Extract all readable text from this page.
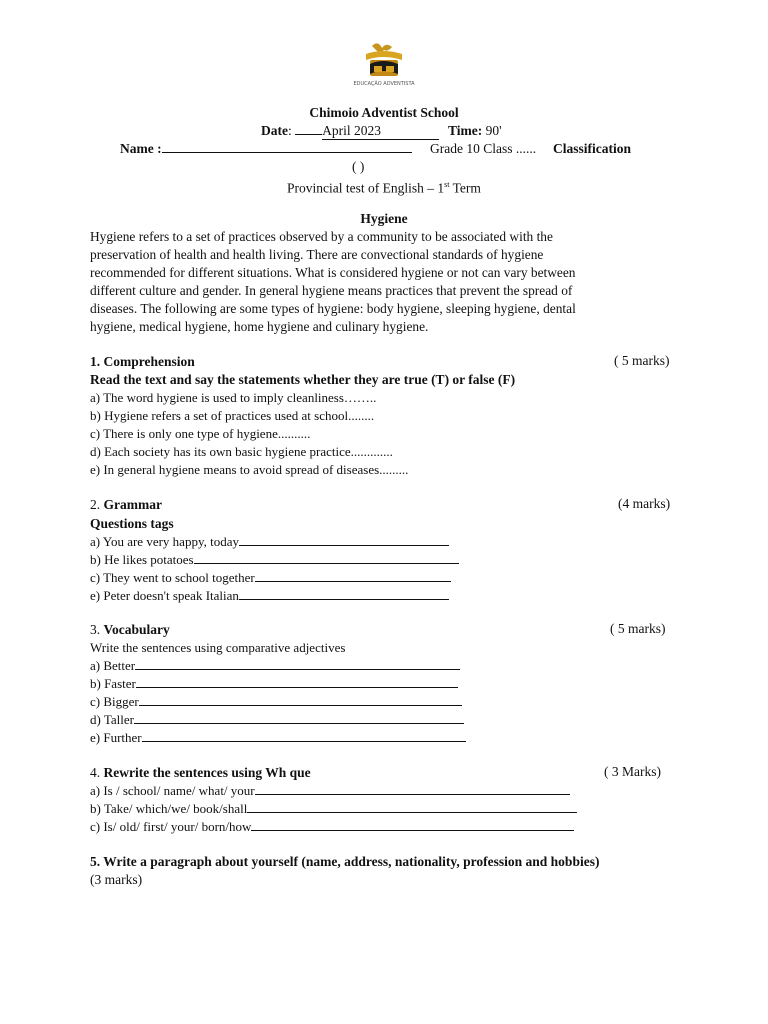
EDUCAÇÃO ADVENTISTA
Chimoio Adventist School
Date: April 2023	Time: 90'
Name :	Grade 10 Class ...... Classification
( )
Provincial test of English – 1st Term
Hygiene
Hygiene refers to a set of practices observed by a community to be associated with the
preservation of health and health living. There are convectional standards of hygiene
recommended for different situations. What is considered hygiene or not can vary between
different culture and gender. In general hygiene means practices that prevent the spread of
diseases. The following are some types of hygiene: body hygiene, sleeping hygiene, dental
hygiene, medical hygiene, home hygiene and culinary hygiene.
1. Comprehension	( 5 marks)
Read the text and say the statements whether they are true (T) or false (F)
a) The word hygiene is used to imply cleanliness……..
b) Hygiene refers a set of practices used at school........
c) There is only one type of hygiene..........
d) Each society has its own basic hygiene practice.............
e) In general hygiene means to avoid spread of diseases.........
2. Grammar	(4 marks)
Questions tags
a) You are very happy, today
b) He likes potatoes
c) They went to school together
e) Peter doesn't speak Italian
3. Vocabulary	( 5 marks)
Write the sentences using comparative adjectives
a) Better
b) Faster
c) Bigger
d) Taller
e) Further
4. Rewrite the sentences using Wh que	( 3 Marks)
a) Is / school/ name/ what/ your
b) Take/ which/we/ book/shall
c) Is/ old/ first/ your/ born/how
5. Write a paragraph about yourself (name, address, nationality, profession and hobbies)
(3 marks)
